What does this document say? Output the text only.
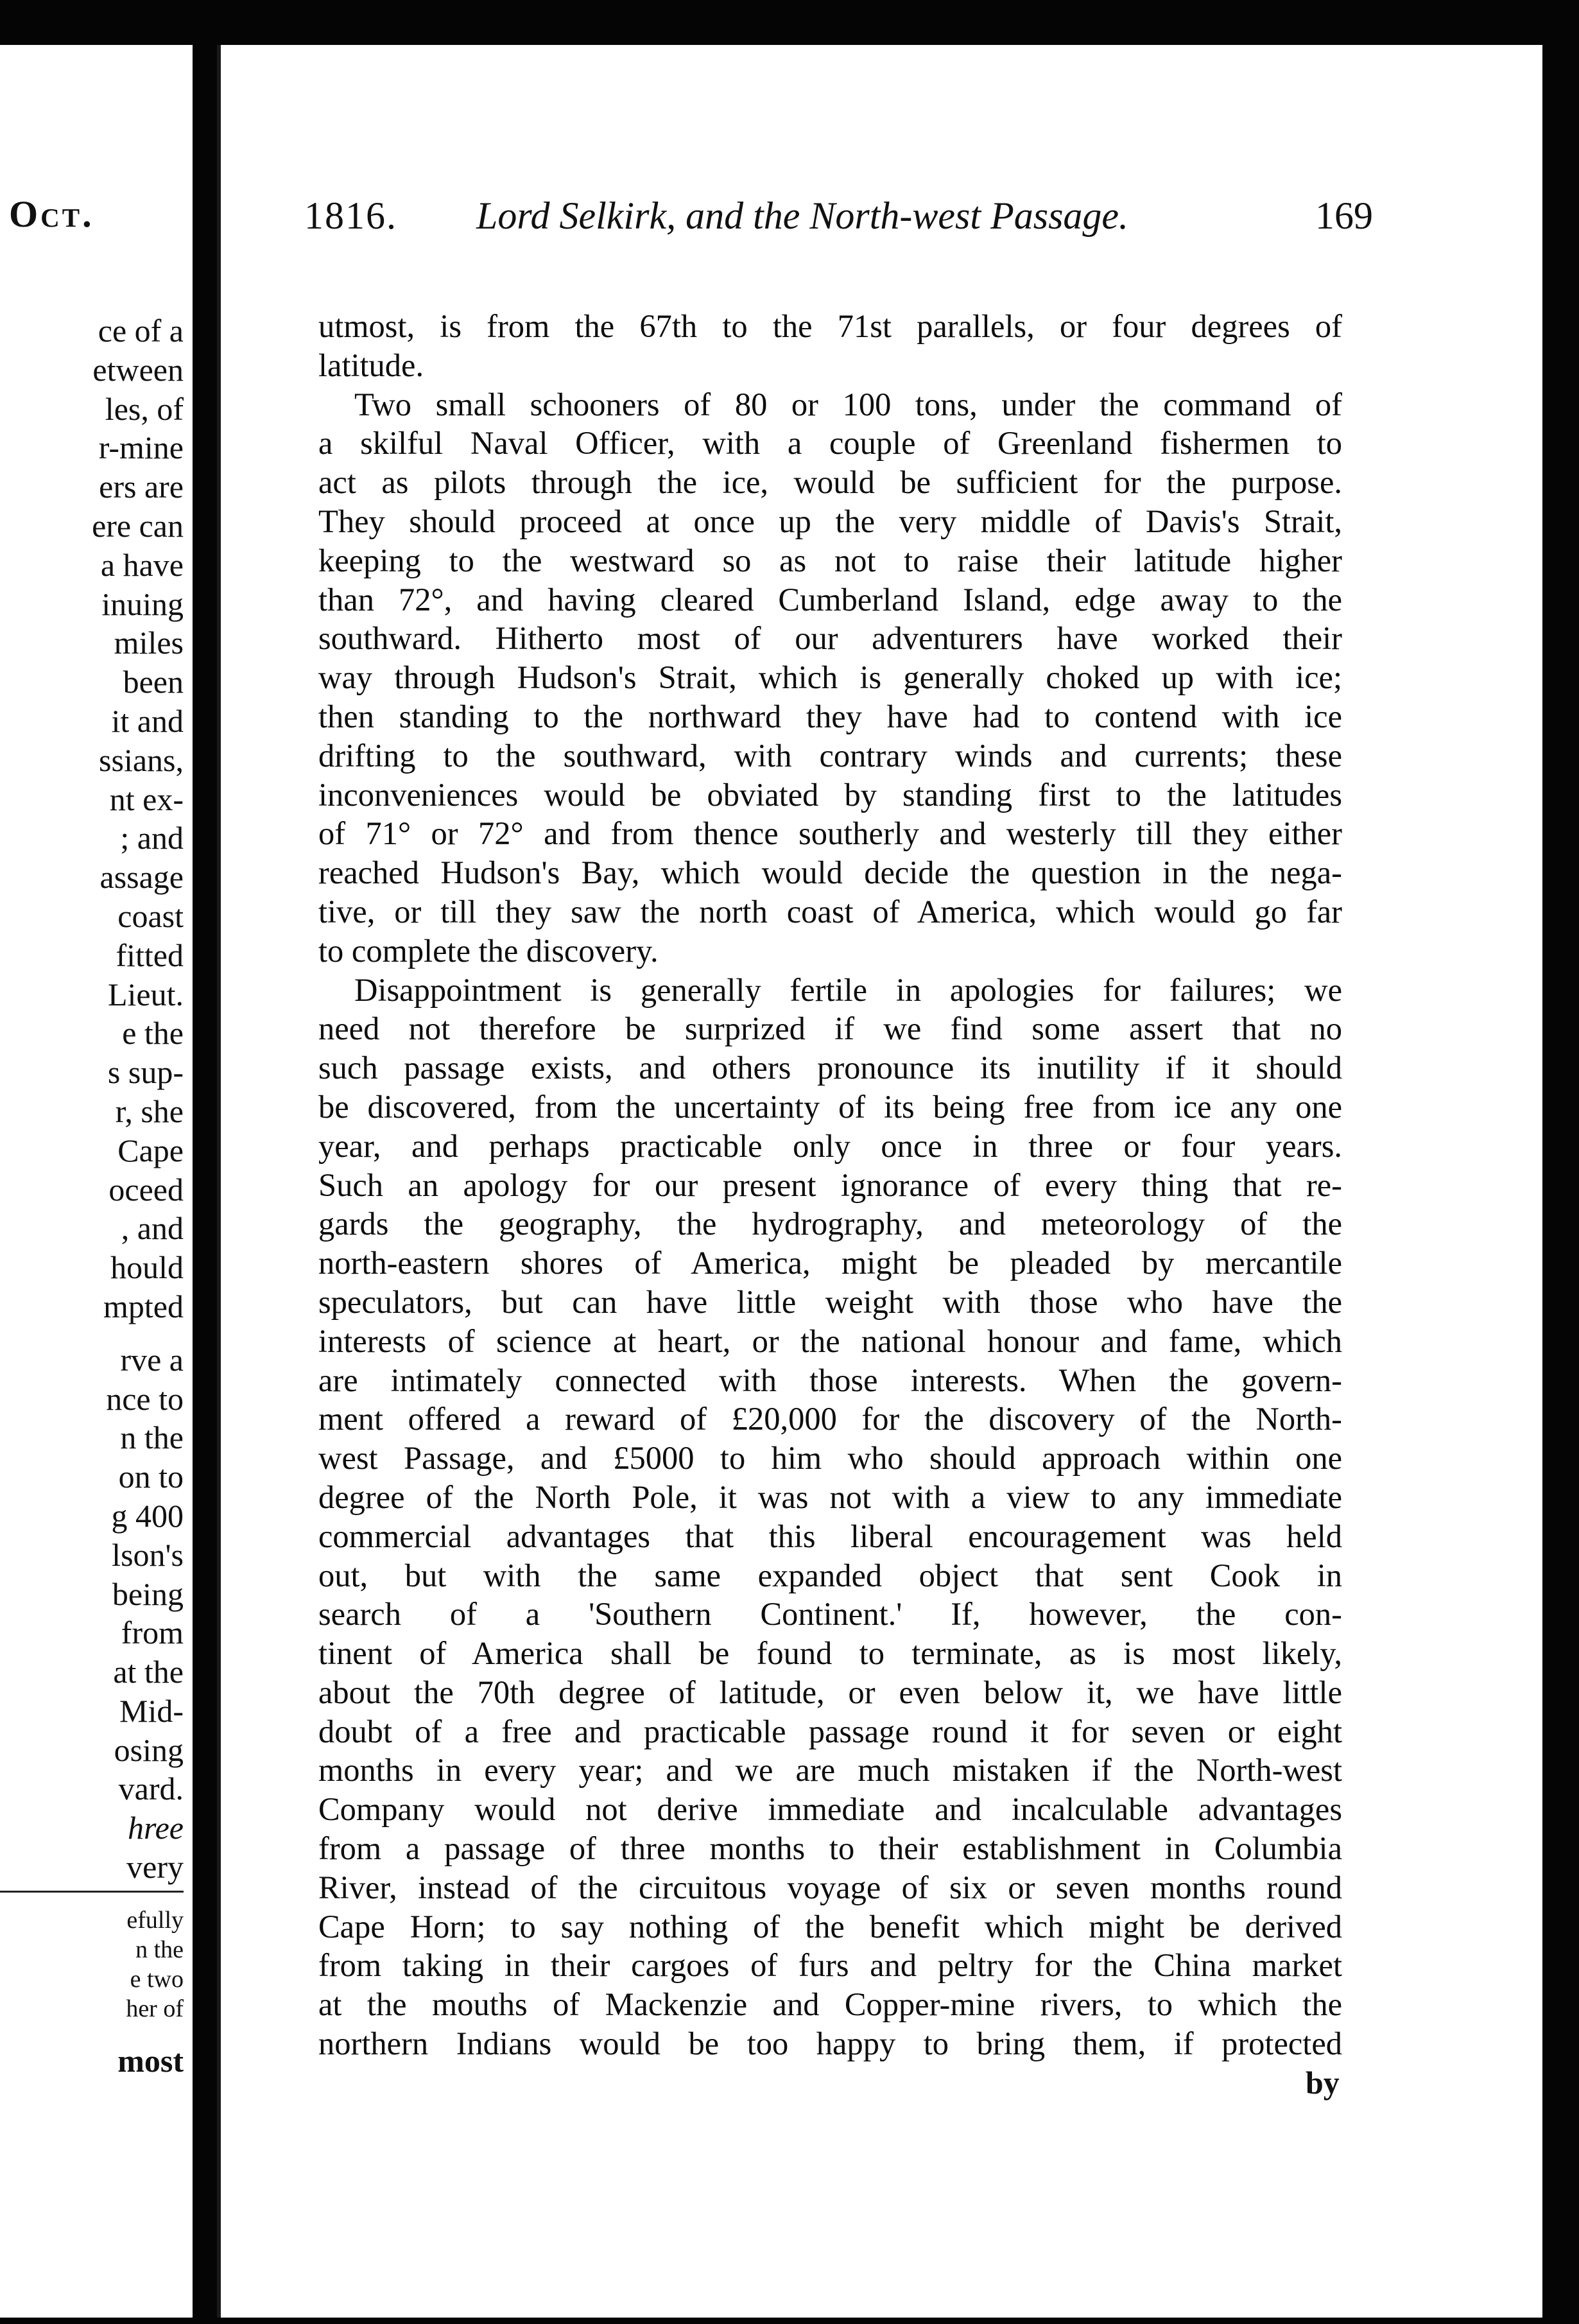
Oct.
ce of a
etween
les, of
r-mine
ers are
ere can
a have
inuing
miles
been
it and
ssians,
nt ex-
; and
assage
coast
fitted
Lieut.
e the
s sup-
r, she
Cape
oceed
, and
hould
mpted
rve a
nce to
n the
on to
g 400
lson's
being
from
at the
Mid-
osing
vard.
hree
very
efully
n the
e two
her of
most
1816. Lord Selkirk, and the North-west Passage.	169
utmost, is from the 67th to the 71st parallels, or four degrees of
latitude.
Two small schooners of 80 or 100 tons, under the command of
a skilful Naval Officer, with a couple of Greenland fishermen to
act as pilots through the ice, would be sufficient for the purpose.
They should proceed at once up the very middle of Davis's Strait,
keeping to the westward so as not to raise their latitude higher
than 72°, and having cleared Cumberland Island, edge away to the
southward. Hitherto most of our adventurers have worked their
way through Hudson's Strait, which is generally choked up with ice;
then standing to the northward they have had to contend with ice
drifting to the southward, with contrary winds and currents; these
inconveniences would be obviated by standing first to the latitudes
of 71° or 72° and from thence southerly and westerly till they either
reached Hudson's Bay, which would decide the question in the nega-
tive, or till they saw the north coast of America, which would go far
to complete the discovery.
Disappointment is generally fertile in apologies for failures; we
need not therefore be surprized if we find some assert that no
such passage exists, and others pronounce its inutility if it should
be discovered, from the uncertainty of its being free from ice any one
year, and perhaps practicable only once in three or four years.
Such an apology for our present ignorance of every thing that re-
gards the geography, the hydrography, and meteorology of the
north-eastern shores of America, might be pleaded by mercantile
speculators, but can have little weight with those who have the
interests of science at heart, or the national honour and fame, which
are intimately connected with those interests. When the govern-
ment offered a reward of £20,000 for the discovery of the North-
west Passage, and £5000 to him who should approach within one
degree of the North Pole, it was not with a view to any immediate
commercial advantages that this liberal encouragement was held
out, but with the same expanded object that sent Cook in
search of a 'Southern Continent.' If, however, the con-
tinent of America shall be found to terminate, as is most likely,
about the 70th degree of latitude, or even below it, we have little
doubt of a free and practicable passage round it for seven or eight
months in every year; and we are much mistaken if the North-west
Company would not derive immediate and incalculable advantages
from a passage of three months to their establishment in Columbia
River, instead of the circuitous voyage of six or seven months round
Cape Horn; to say nothing of the benefit which might be derived
from taking in their cargoes of furs and peltry for the China market
at the mouths of Mackenzie and Copper-mine rivers, to which the
northern Indians would be too happy to bring them, if protected
by
